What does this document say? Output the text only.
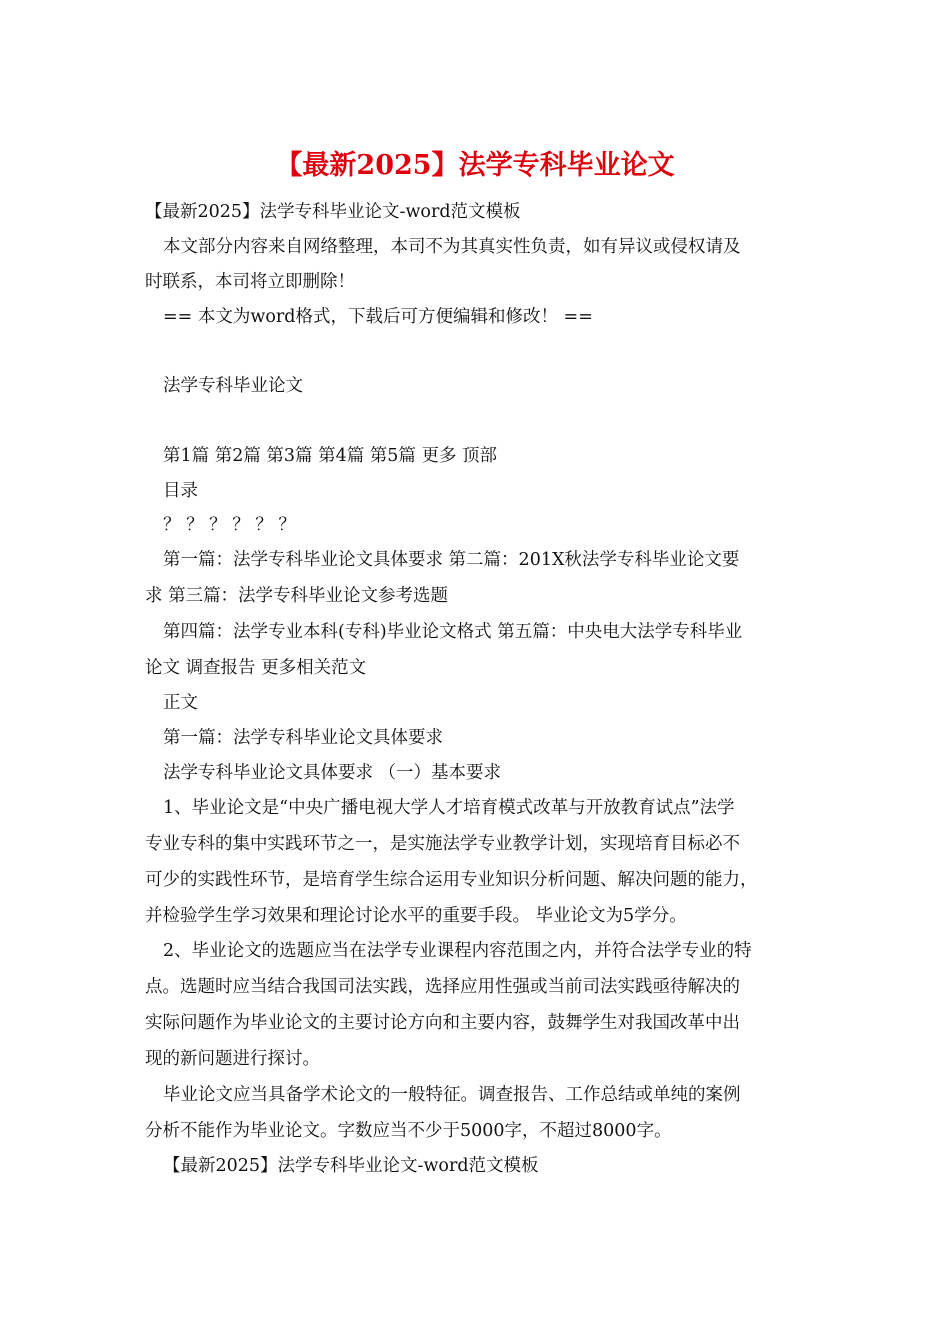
【最新2025】法学专科毕业论文
【最新2025】法学专科毕业论文-word范文模板
本文部分内容来自网络整理，本司不为其真实性负责，如有异议或侵权请及
时联系，本司将立即删除！
== 本文为word格式，下载后可方便编辑和修改！ ==
法学专科毕业论文
第1篇 第2篇 第3篇 第4篇 第5篇 更多 顶部
目录
？ ？ ？ ？ ？ ？
第一篇：法学专科毕业论文具体要求 第二篇：201X秋法学专科毕业论文要
求 第三篇：法学专科毕业论文参考选题
第四篇：法学专业本科(专科)毕业论文格式 第五篇：中央电大法学专科毕业
论文 调查报告 更多相关范文
正文
第一篇：法学专科毕业论文具体要求
法学专科毕业论文具体要求 （一）基本要求
1、毕业论文是“中央广播电视大学人才培育模式改革与开放教育试点”法学
专业专科的集中实践环节之一，是实施法学专业教学计划，实现培育目标必不
可少的实践性环节，是培育学生综合运用专业知识分析问题、解决问题的能力，
并检验学生学习效果和理论讨论水平的重要手段。 毕业论文为5学分。
2、毕业论文的选题应当在法学专业课程内容范围之内，并符合法学专业的特
点。选题时应当结合我国司法实践，选择应用性强或当前司法实践亟待解决的
实际问题作为毕业论文的主要讨论方向和主要内容，鼓舞学生对我国改革中出
现的新问题进行探讨。
毕业论文应当具备学术论文的一般特征。调查报告、工作总结或单纯的案例
分析不能作为毕业论文。字数应当不少于5000字，不超过8000字。
【最新2025】法学专科毕业论文-word范文模板
